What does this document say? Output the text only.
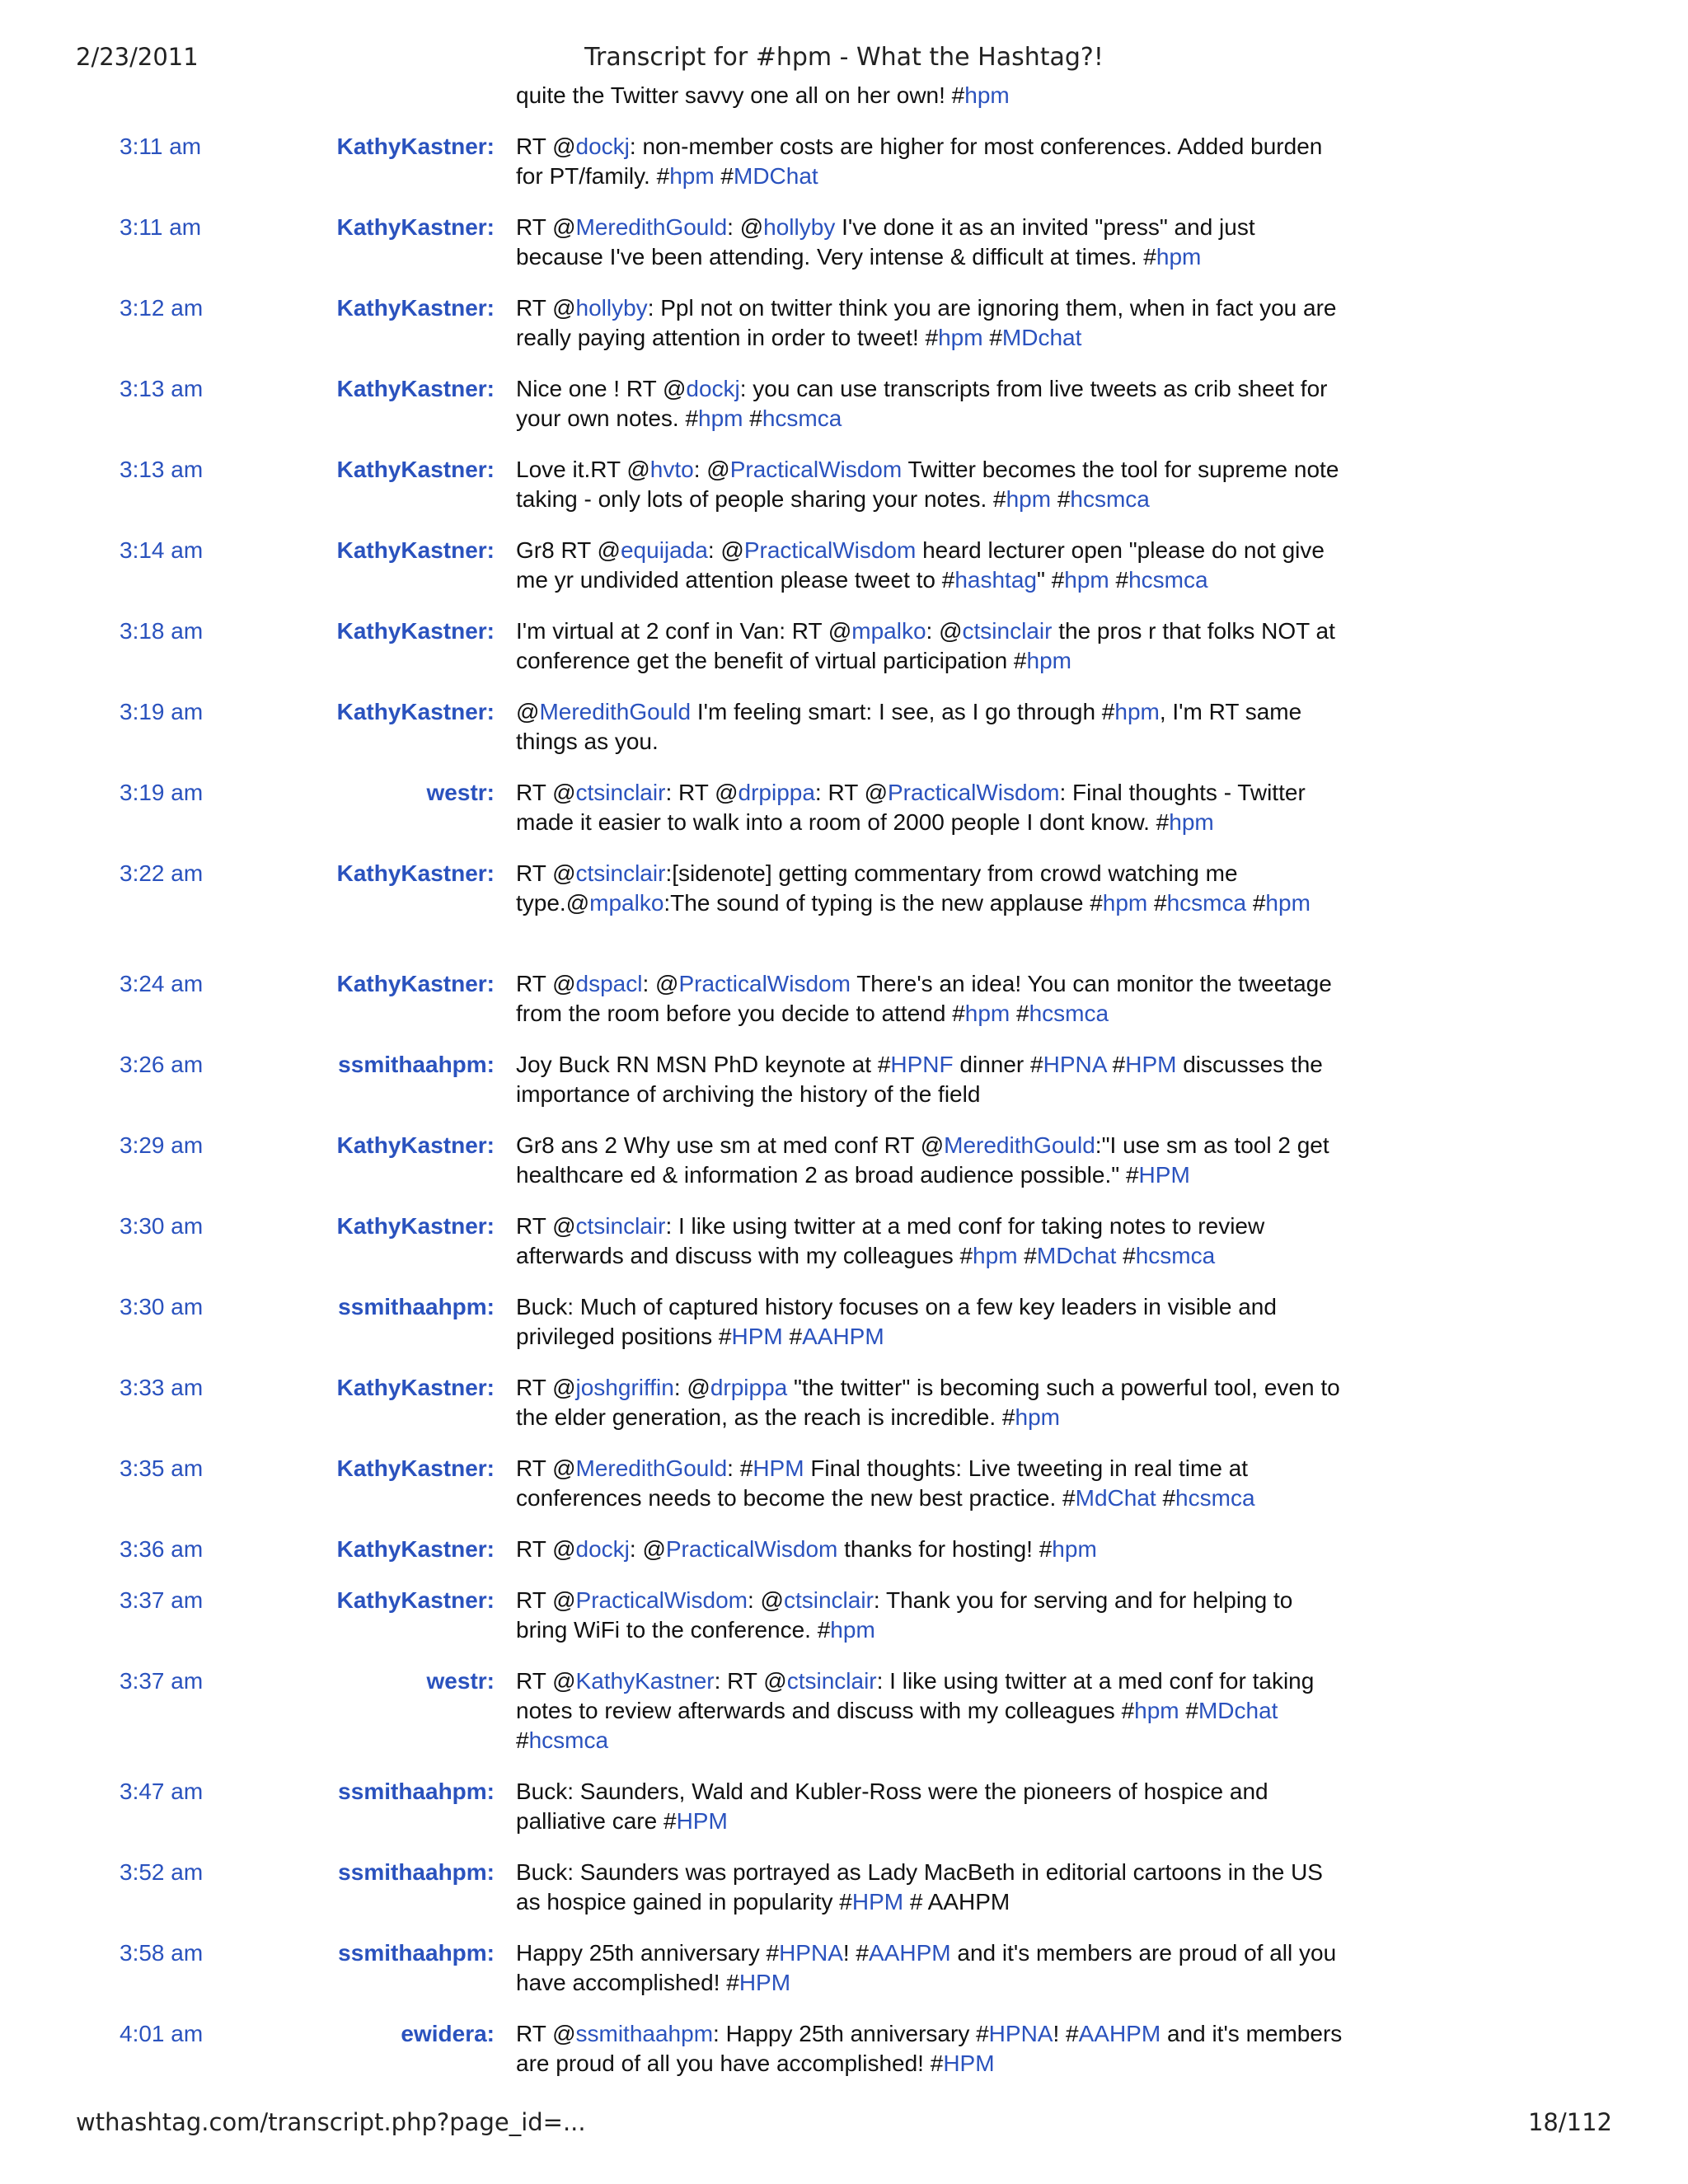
2/23/2011	Transcript for #hpm - What the Hashtag?!
quite the Twitter savvy one all on her own! #hpm
3:11 am	KathyKastner: RT @dockj: non-member costs are higher for most conferences. Added burden for PT/family. #hpm #MDChat
3:11 am	KathyKastner: RT @MeredithGould: @hollyby I've done it as an invited "press" and just because I've been attending. Very intense & difficult at times. #hpm
3:12 am	KathyKastner: RT @hollyby: Ppl not on twitter think you are ignoring them, when in fact you are really paying attention in order to tweet! #hpm #MDchat
3:13 am	KathyKastner: Nice one ! RT @dockj: you can use transcripts from live tweets as crib sheet for your own notes. #hpm #hcsmca
3:13 am	KathyKastner: Love it.RT @hvto: @PracticalWisdom Twitter becomes the tool for supreme note taking - only lots of people sharing your notes. #hpm #hcsmca
3:14 am	KathyKastner: Gr8 RT @equijada: @PracticalWisdom heard lecturer open "please do not give me yr undivided attention please tweet to #hashtag" #hpm #hcsmca
3:18 am	KathyKastner: I'm virtual at 2 conf in Van: RT @mpalko: @ctsinclair the pros r that folks NOT at conference get the benefit of virtual participation #hpm
3:19 am	KathyKastner: @MeredithGould I'm feeling smart: I see, as I go through #hpm, I'm RT same things as you.
3:19 am	westr: RT @ctsinclair: RT @drpippa: RT @PracticalWisdom: Final thoughts - Twitter made it easier to walk into a room of 2000 people I dont know. #hpm
3:22 am	KathyKastner: RT @ctsinclair:[sidenote] getting commentary from crowd watching me type.@mpalko:The sound of typing is the new applause #hpm #hcsmca #hpm
3:24 am	KathyKastner: RT @dspacl: @PracticalWisdom There's an idea! You can monitor the tweetage from the room before you decide to attend #hpm #hcsmca
3:26 am	ssmithaahpm: Joy Buck RN MSN PhD keynote at #HPNF dinner #HPNA #HPM discusses the importance of archiving the history of the field
3:29 am	KathyKastner: Gr8 ans 2 Why use sm at med conf RT @MeredithGould:"I use sm as tool 2 get healthcare ed & information 2 as broad audience possible." #HPM
3:30 am	KathyKastner: RT @ctsinclair: I like using twitter at a med conf for taking notes to review afterwards and discuss with my colleagues #hpm #MDchat #hcsmca
3:30 am	ssmithaahpm: Buck: Much of captured history focuses on a few key leaders in visible and privileged positions #HPM #AAHPM
3:33 am	KathyKastner: RT @joshgriffin: @drpippa "the twitter" is becoming such a powerful tool, even to the elder generation, as the reach is incredible. #hpm
3:35 am	KathyKastner: RT @MeredithGould: #HPM Final thoughts: Live tweeting in real time at conferences needs to become the new best practice. #MdChat #hcsmca
3:36 am	KathyKastner: RT @dockj: @PracticalWisdom thanks for hosting! #hpm
3:37 am	KathyKastner: RT @PracticalWisdom: @ctsinclair: Thank you for serving and for helping to bring WiFi to the conference. #hpm
3:37 am	westr: RT @KathyKastner: RT @ctsinclair: I like using twitter at a med conf for taking notes to review afterwards and discuss with my colleagues #hpm #MDchat #hcsmca
3:47 am	ssmithaahpm: Buck: Saunders, Wald and Kubler-Ross were the pioneers of hospice and palliative care #HPM
3:52 am	ssmithaahpm: Buck: Saunders was portrayed as Lady MacBeth in editorial cartoons in the US as hospice gained in popularity #HPM # AAHPM
3:58 am	ssmithaahpm: Happy 25th anniversary #HPNA! #AAHPM and it's members are proud of all you have accomplished! #HPM
4:01 am	ewidera: RT @ssmithaahpm: Happy 25th anniversary #HPNA! #AAHPM and it's members are proud of all you have accomplished! #HPM
wthashtag.com/transcript.php?page_id=...	18/112
